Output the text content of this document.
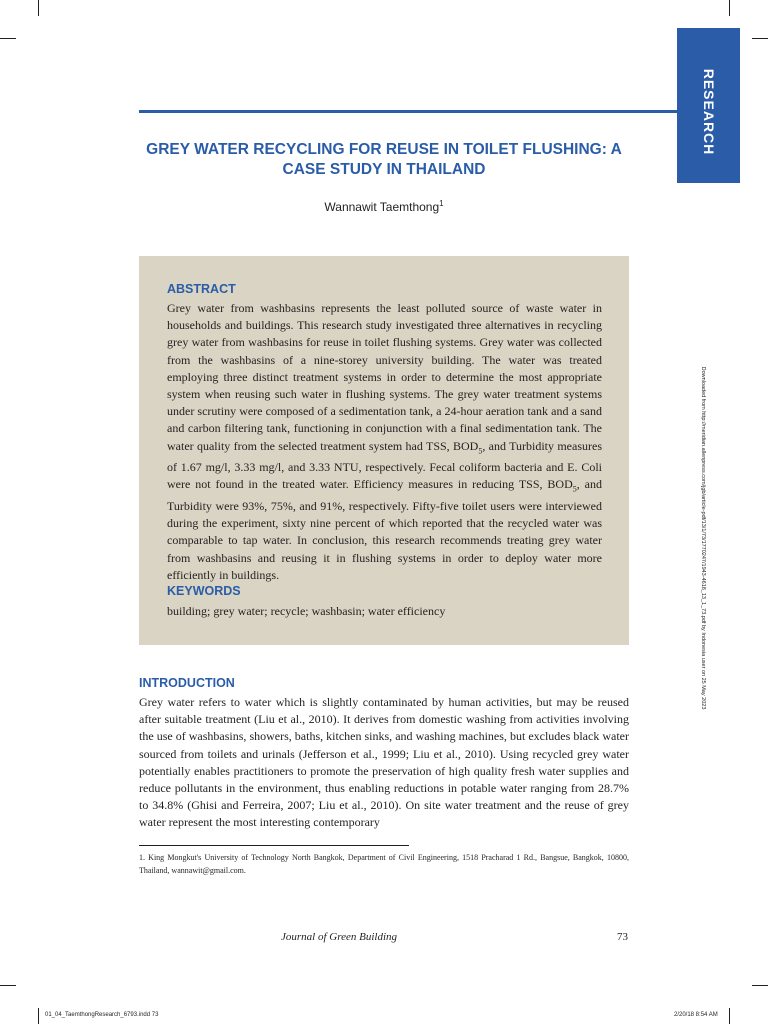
RESEARCH
GREY WATER RECYCLING FOR REUSE IN TOILET FLUSHING: A CASE STUDY IN THAILAND
Wannawit Taemthong$^1$
ABSTRACT
Grey water from washbasins represents the least polluted source of waste water in households and buildings. This research study investigated three alternatives in recycling grey water from washbasins for reuse in toilet flushing systems. Grey water was collected from the washbasins of a nine-storey university building. The water was treated employing three distinct treatment systems in order to determine the most appropriate system when reusing such water in flushing systems. The grey water treatment systems under scrutiny were composed of a sedimentation tank, a 24-hour aeration tank and a sand and carbon filtering tank, functioning in conjunction with a final sedimentation tank. The water quality from the selected treatment system had TSS, $BOD_5$, and Turbidity measures of 1.67 mg/l, 3.33 mg/l, and 3.33 NTU, respectively. Fecal coliform bacteria and E. Coli were not found in the treated water. Efficiency measures in reducing TSS, $BOD_5$, and Turbidity were 93%, 75%, and 91%, respectively. Fifty-five toilet users were interviewed during the experiment, sixty nine percent of which reported that the recycled water was comparable to tap water. In conclusion, this research recommends treating grey water from washbasins and reusing it in flushing systems in order to deploy water more efficiently in buildings.
KEYWORDS
building; grey water; recycle; washbasin; water efficiency
INTRODUCTION
Grey water refers to water which is slightly contaminated by human activities, but may be reused after suitable treatment (Liu et al., 2010). It derives from domestic washing from activities involving the use of washbasins, showers, baths, kitchen sinks, and washing machines, but excludes black water sourced from toilets and urinals (Jefferson et al., 1999; Liu et al., 2010). Using recycled grey water potentially enables practitioners to promote the preservation of high quality fresh water supplies and reduce pollutants in the environment, thus enabling reductions in potable water ranging from 28.7% to 34.8% (Ghisi and Ferreira, 2007; Liu et al., 2010). On site water treatment and the reuse of grey water represent the most interesting contemporary
Downloaded from http://meridian.allenpress.com/jgb/article-pdf/13/1/73/1770247/1943-4618_13_1_73.pdf by Indonesia user on 25 May 2023
1. King Mongkut's University of Technology North Bangkok, Department of Civil Engineering, 1518 Pracharad 1 Rd., Bangsue, Bangkok, 10800, Thailand, wannawit@gmail.com.
Journal of Green Building	73
01_04_TaemthongResearch_6793.indd 73	2/20/18 8:54 AM
